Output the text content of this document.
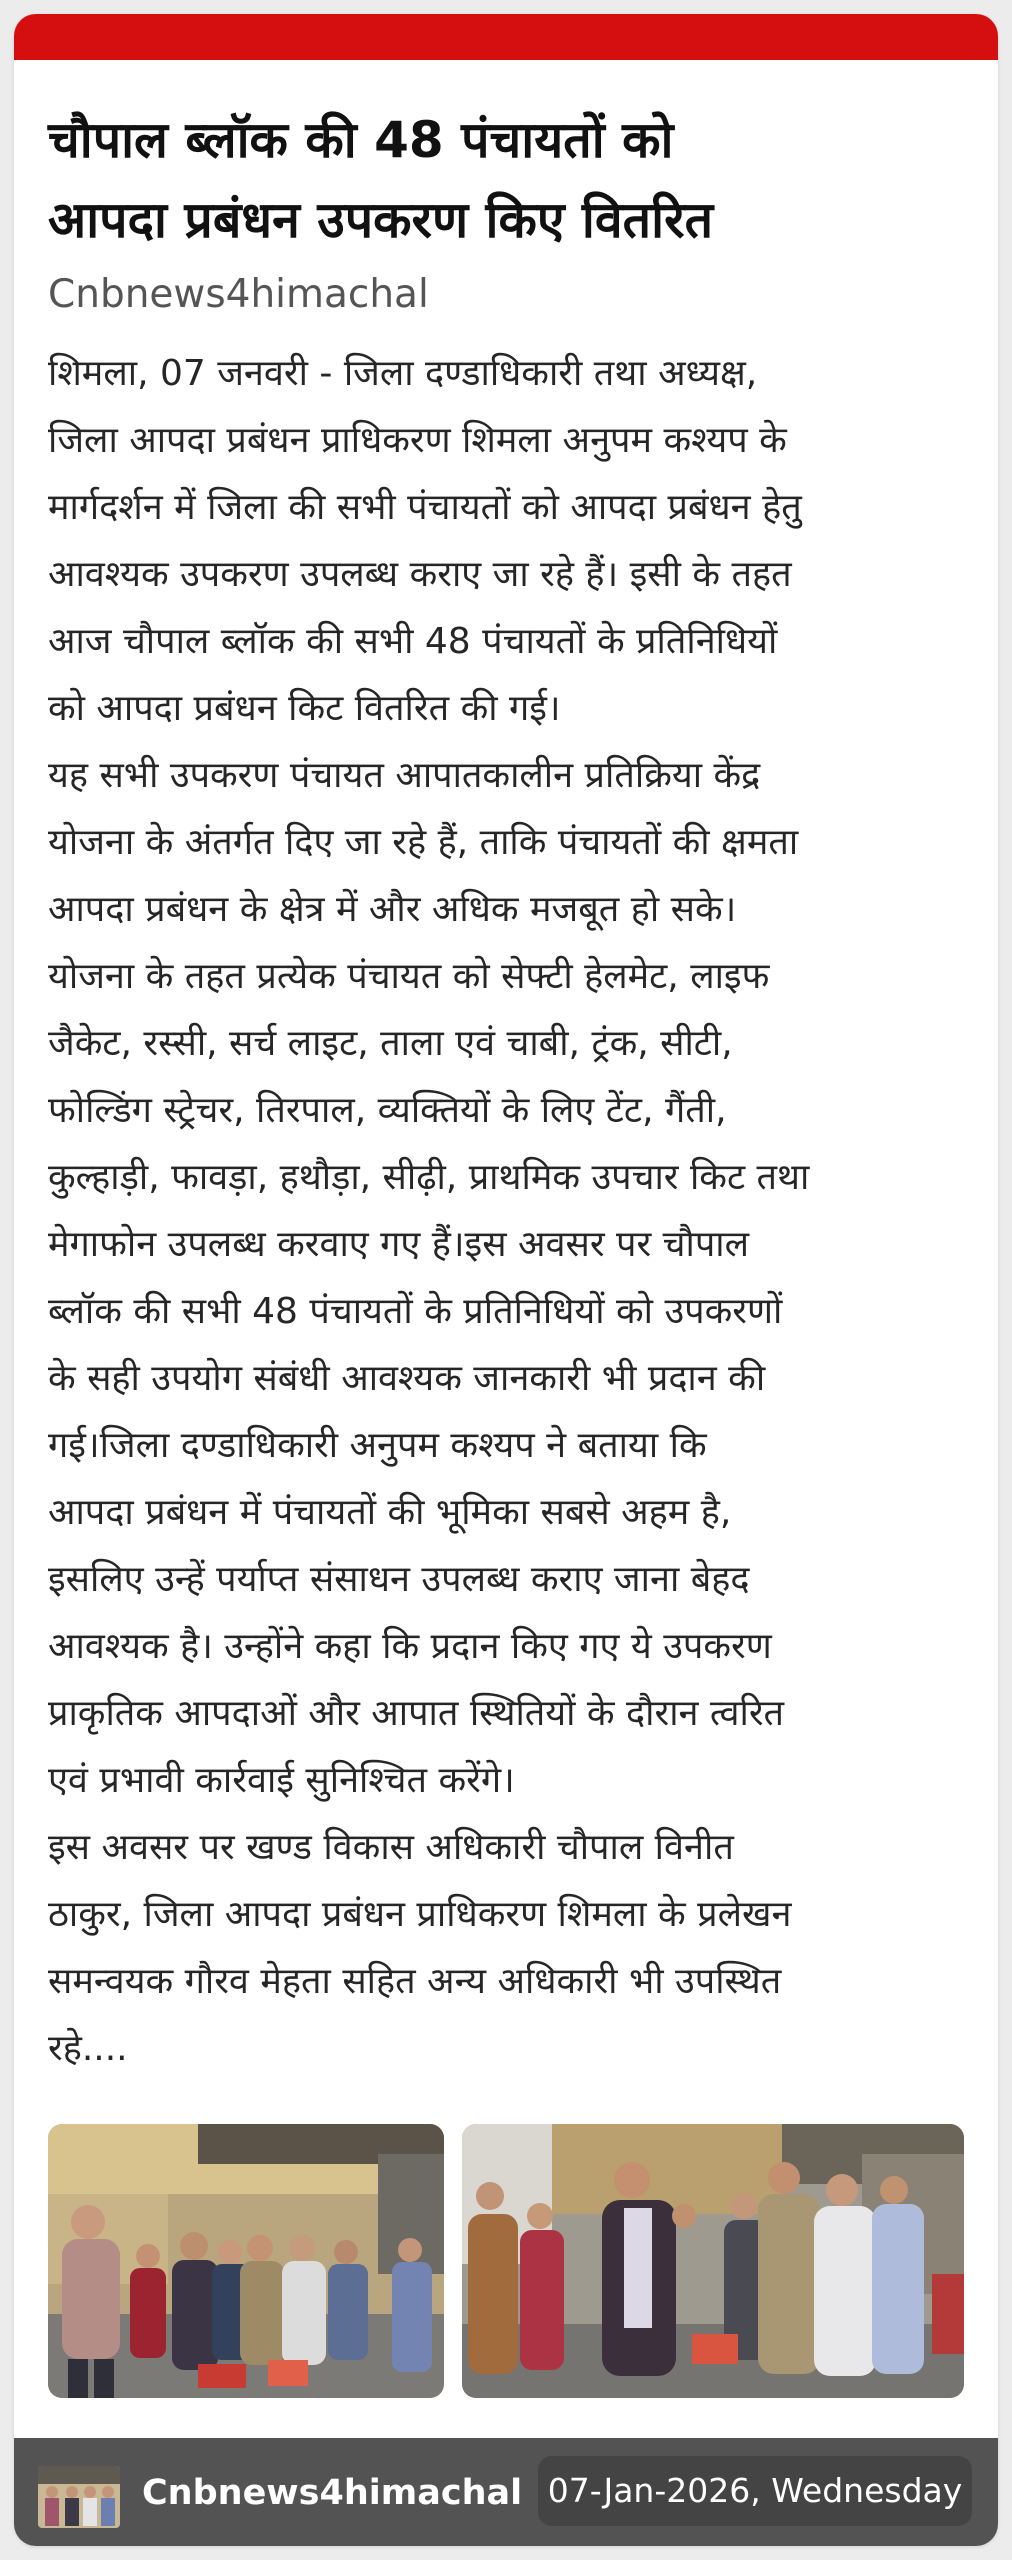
चौपाल ब्लॉक की 48 पंचायतों को
आपदा प्रबंधन उपकरण किए वितरित
Cnbnews4himachal

शिमला, 07 जनवरी - जिला दण्डाधिकारी तथा अध्यक्ष,
जिला आपदा प्रबंधन प्राधिकरण शिमला अनुपम कश्यप के
मार्गदर्शन में जिला की सभी पंचायतों को आपदा प्रबंधन हेतु
आवश्यक उपकरण उपलब्ध कराए जा रहे हैं। इसी के तहत
आज चौपाल ब्लॉक की सभी 48 पंचायतों के प्रतिनिधियों
को आपदा प्रबंधन किट वितरित की गई।

यह सभी उपकरण पंचायत आपातकालीन प्रतिक्रिया केंद्र
योजना के अंतर्गत दिए जा रहे हैं, ताकि पंचायतों की क्षमता
आपदा प्रबंधन के क्षेत्र में और अधिक मजबूत हो सके।
योजना के तहत प्रत्येक पंचायत को सेफ्टी हेलमेट, लाइफ
जैकेट, रस्सी, सर्च लाइट, ताला एवं चाबी, ट्रंक, सीटी,
फोल्डिंग स्ट्रेचर, तिरपाल, व्यक्तियों के लिए टेंट, गैंती,
कुल्हाड़ी, फावड़ा, हथौड़ा, सीढ़ी, प्राथमिक उपचार किट तथा
मेगाफोन उपलब्ध करवाए गए हैं।इस अवसर पर चौपाल
ब्लॉक की सभी 48 पंचायतों के प्रतिनिधियों को उपकरणों
के सही उपयोग संबंधी आवश्यक जानकारी भी प्रदान की
गई।जिला दण्डाधिकारी अनुपम कश्यप ने बताया कि
आपदा प्रबंधन में पंचायतों की भूमिका सबसे अहम है,
इसलिए उन्हें पर्याप्त संसाधन उपलब्ध कराए जाना बेहद
आवश्यक है। उन्होंने कहा कि प्रदान किए गए ये उपकरण
प्राकृतिक आपदाओं और आपात स्थितियों के दौरान त्वरित
एवं प्रभावी कार्रवाई सुनिश्चित करेंगे।

इस अवसर पर खण्ड विकास अधिकारी चौपाल विनीत
ठाकुर, जिला आपदा प्रबंधन प्राधिकरण शिमला के प्रलेखन
समन्वयक गौरव मेहता सहित अन्य अधिकारी भी उपस्थित
रहे....

Cnbnews4himachal 07-Jan-2026, Wednesday
